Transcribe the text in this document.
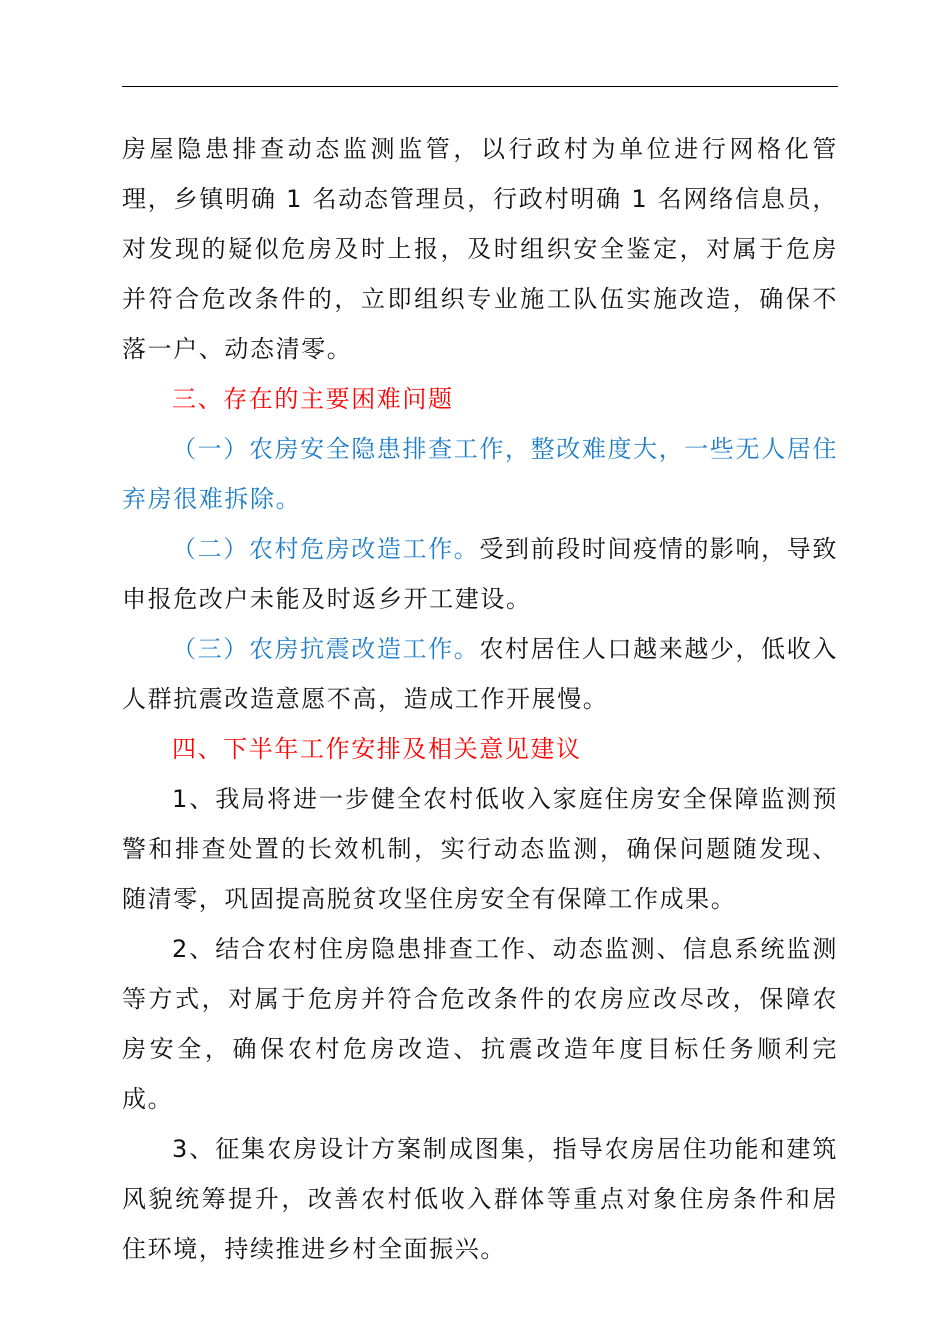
房屋隐患排查动态监测监管，以行政村为单位进行网格化管理，乡镇明确 1 名动态管理员，行政村明确 1 名网络信息员，对发现的疑似危房及时上报，及时组织安全鉴定，对属于危房并符合危改条件的，立即组织专业施工队伍实施改造，确保不落一户、动态清零。

三、存在的主要困难问题

（一）农房安全隐患排查工作，整改难度大，一些无人居住弃房很难拆除。

（二）农村危房改造工作。受到前段时间疫情的影响，导致申报危改户未能及时返乡开工建设。

（三）农房抗震改造工作。农村居住人口越来越少，低收入人群抗震改造意愿不高，造成工作开展慢。

四、下半年工作安排及相关意见建议

1、我局将进一步健全农村低收入家庭住房安全保障监测预警和排查处置的长效机制，实行动态监测，确保问题随发现、随清零，巩固提高脱贫攻坚住房安全有保障工作成果。

2、结合农村住房隐患排查工作、动态监测、信息系统监测等方式，对属于危房并符合危改条件的农房应改尽改，保障农房安全，确保农村危房改造、抗震改造年度目标任务顺利完成。

3、征集农房设计方案制成图集，指导农房居住功能和建筑风貌统筹提升，改善农村低收入群体等重点对象住房条件和居住环境，持续推进乡村全面振兴。
